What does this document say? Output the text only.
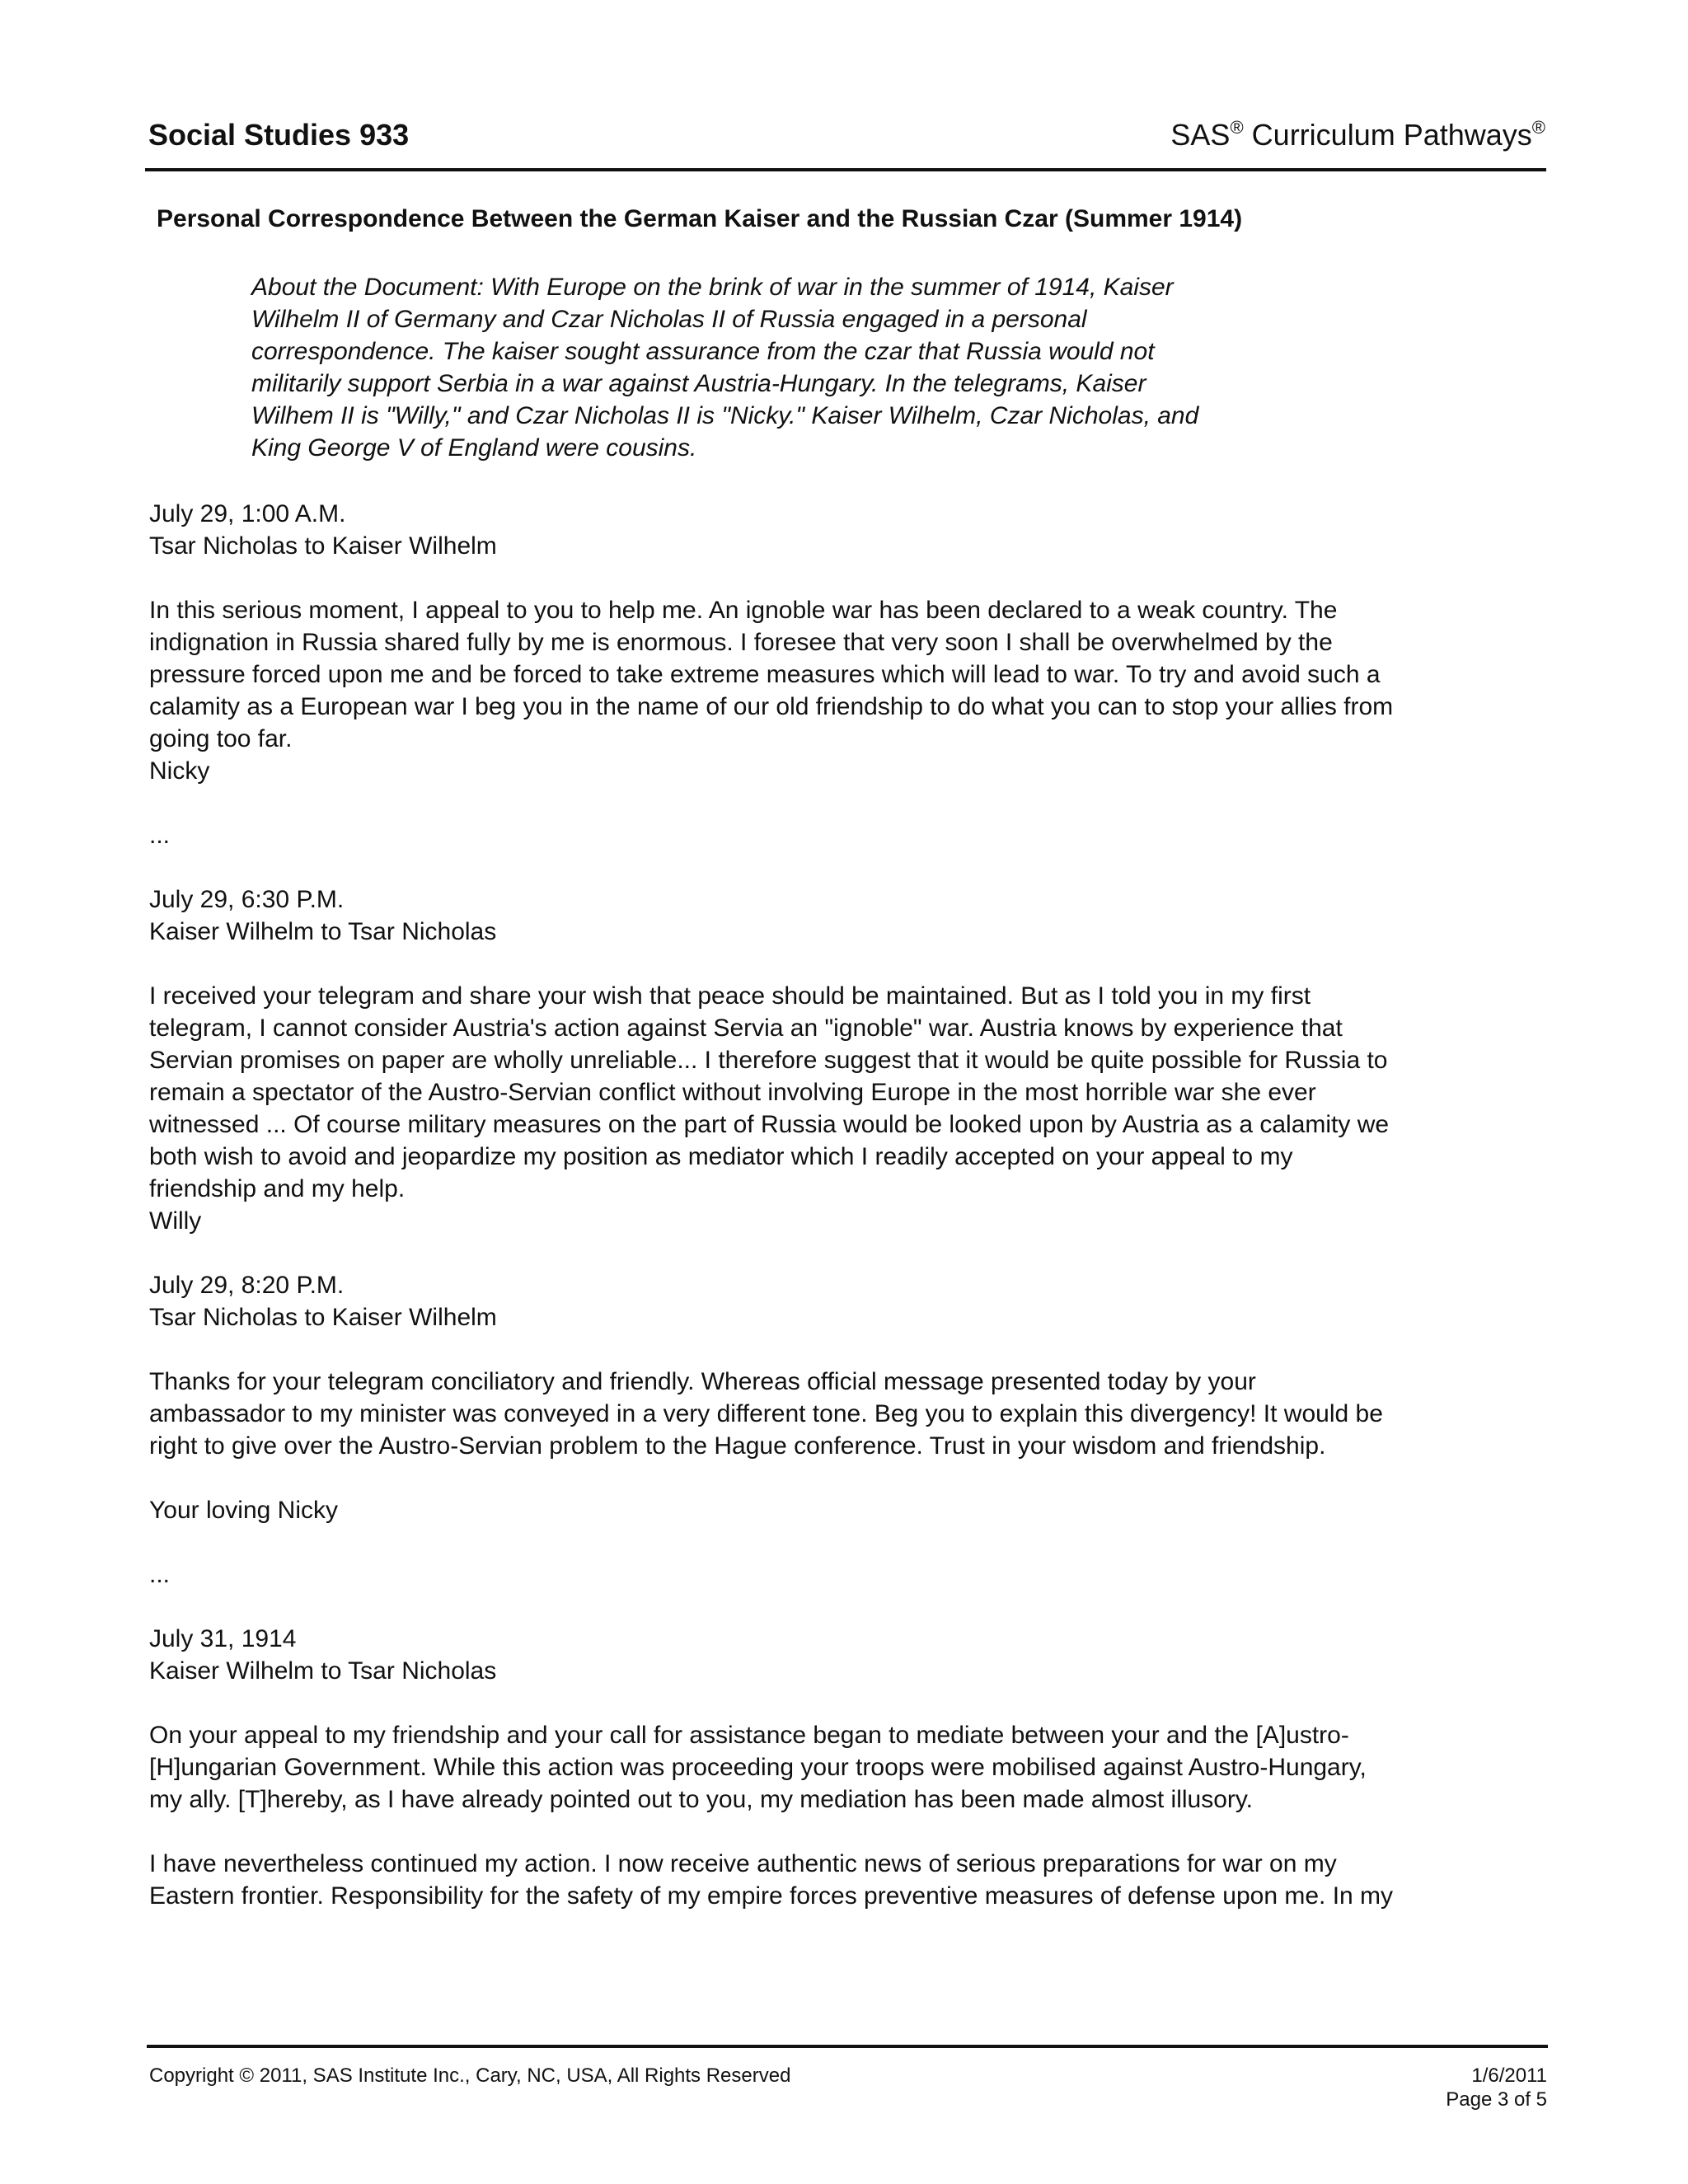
Social Studies 933	SAS® Curriculum Pathways®
Personal Correspondence Between the German Kaiser and the Russian Czar (Summer 1914)

About the Document: With Europe on the brink of war in the summer of 1914, Kaiser

Wilhelm II of Germany and Czar Nicholas II of Russia engaged in a personal

correspondence. The kaiser sought assurance from the czar that Russia would not

militarily support Serbia in a war against Austria-Hungary. In the telegrams, Kaiser

Wilhem II is "Willy," and Czar Nicholas II is "Nicky." Kaiser Wilhelm, Czar Nicholas, and

King George V of England were cousins.

July 29, 1:00 A.M.
Tsar Nicholas to Kaiser Wilhelm
In this serious moment, I appeal to you to help me. An ignoble war has been declared to a weak country. The
indignation in Russia shared fully by me is enormous. I foresee that very soon I shall be overwhelmed by the
pressure forced upon me and be forced to take extreme measures which will lead to war. To try and avoid such a
calamity as a European war I beg you in the name of our old friendship to do what you can to stop your allies from
going too far.
Nicky
...
July 29, 6:30 P.M.
Kaiser Wilhelm to Tsar Nicholas
I received your telegram and share your wish that peace should be maintained. But as I told you in my first
telegram, I cannot consider Austria's action against Servia an "ignoble" war. Austria knows by experience that
Servian promises on paper are wholly unreliable... I therefore suggest that it would be quite possible for Russia to
remain a spectator of the Austro-Servian conflict without involving Europe in the most horrible war she ever
witnessed ... Of course military measures on the part of Russia would be looked upon by Austria as a calamity we
both wish to avoid and jeopardize my position as mediator which I readily accepted on your appeal to my
friendship and my help.
Willy
July 29, 8:20 P.M.
Tsar Nicholas to Kaiser Wilhelm
Thanks for your telegram conciliatory and friendly. Whereas official message presented today by your
ambassador to my minister was conveyed in a very different tone. Beg you to explain this divergency! It would be
right to give over the Austro-Servian problem to the Hague conference. Trust in your wisdom and friendship.
Your loving Nicky
...
July 31, 1914
Kaiser Wilhelm to Tsar Nicholas
On your appeal to my friendship and your call for assistance began to mediate between your and the [A]ustro-
[H]ungarian Government. While this action was proceeding your troops were mobilised against Austro-Hungary,
my ally. [T]hereby, as I have already pointed out to you, my mediation has been made almost illusory.
I have nevertheless continued my action. I now receive authentic news of serious preparations for war on my
Eastern frontier. Responsibility for the safety of my empire forces preventive measures of defense upon me. In my
Copyright © 2011, SAS Institute Inc., Cary, NC, USA, All Rights Reserved	1/6/2011
Page 3 of 5
